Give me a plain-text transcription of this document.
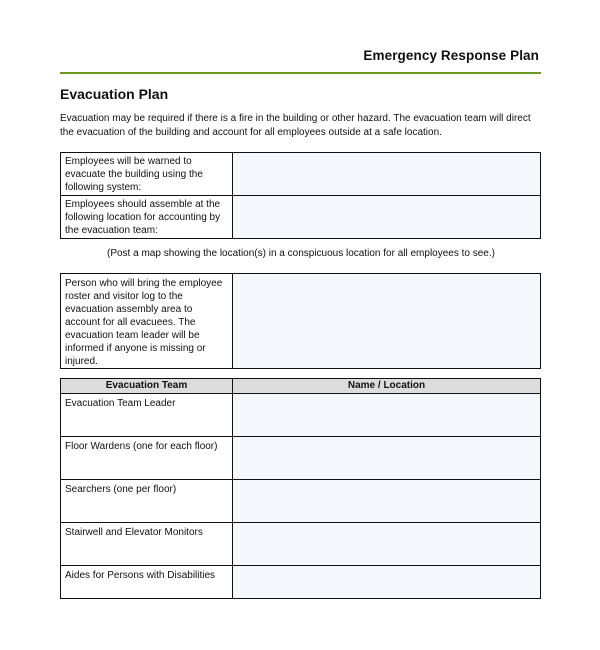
Emergency Response Plan
Evacuation Plan
Evacuation may be required if there is a fire in the building or other hazard. The evacuation team will direct the evacuation of the building and account for all employees outside at a safe location.
Employees will be warned to evacuate the building using the following system:	
Employees should assemble at the following location for accounting by the evacuation team:	
(Post a map showing the location(s) in a conspicuous location for all employees to see.)
Person who will bring the employee roster and visitor log to the evacuation assembly area to account for all evacuees. The evacuation team leader will be informed if anyone is missing or injured.	
Evacuation Team	Name / Location
Evacuation Team Leader	
Floor Wardens (one for each floor)	
Searchers (one per floor)	
Stairwell and Elevator Monitors	
Aides for Persons with Disabilities	
